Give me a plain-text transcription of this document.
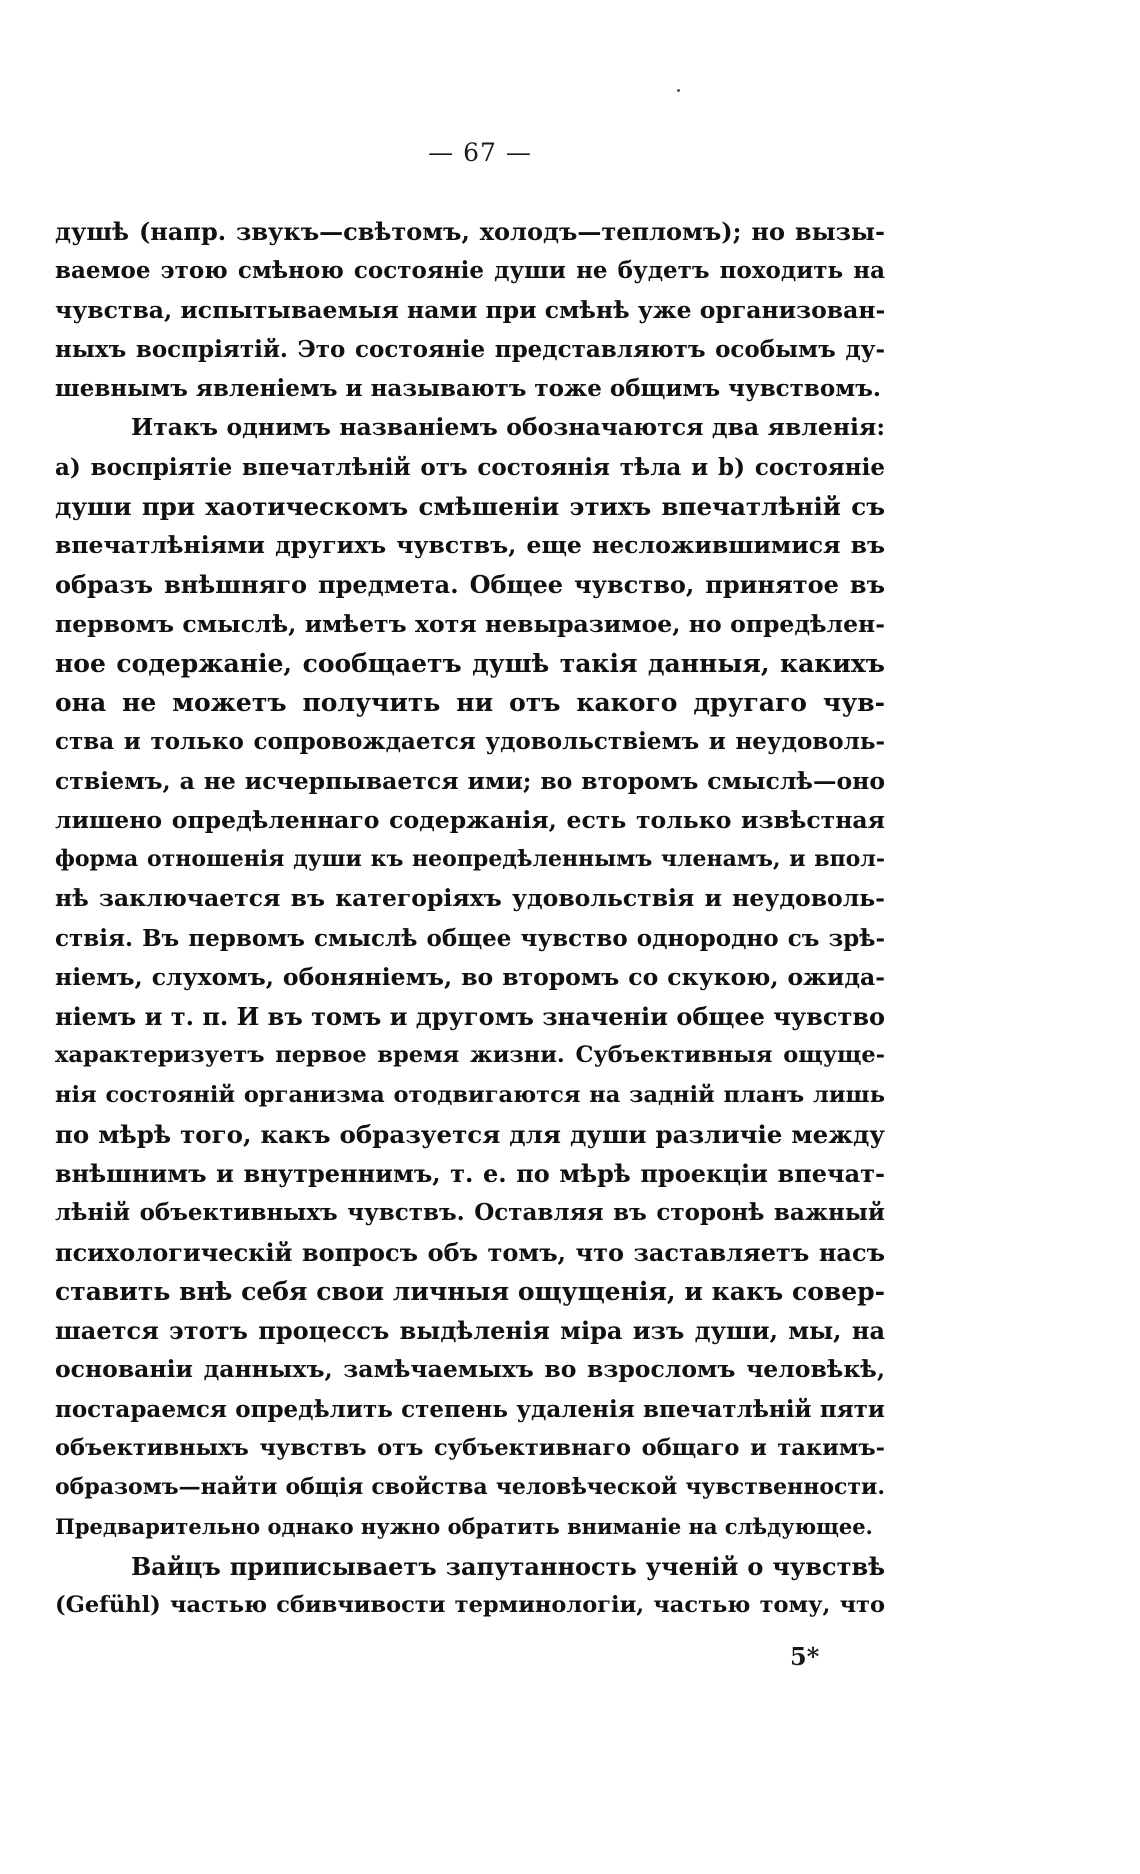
— 67 —
душѣ (напр. звукъ—свѣтомъ, холодъ—тепломъ); но вызы-
ваемое этою смѣною состояніе души не будетъ походить на
чувства, испытываемыя нами при смѣнѣ уже организован-
ныхъ воспріятій. Это состояніе представляютъ особымъ ду-
шевнымъ явленіемъ и называютъ тоже общимъ чувствомъ.
Итакъ однимъ названіемъ обозначаются два явленія:
а) воспріятіе впечатлѣній отъ состоянія тѣла и b) состояніе
души при хаотическомъ смѣшеніи этихъ впечатлѣній съ
впечатлѣніями другихъ чувствъ, еще несложившимися въ
образъ внѣшняго предмета. Общее чувство, принятое въ
первомъ смыслѣ, имѣетъ хотя невыразимое, но опредѣлен-
ное содержаніе, сообщаетъ душѣ такія данныя, какихъ
она не можетъ получить ни отъ какого другаго чув-
ства и только сопровождается удовольствіемъ и неудоволь-
ствіемъ, а не исчерпывается ими; во второмъ смыслѣ—оно
лишено опредѣленнаго содержанія, есть только извѣстная
форма отношенія души къ неопредѣленнымъ членамъ, и впол-
нѣ заключается въ категоріяхъ удовольствія и неудоволь-
ствія. Въ первомъ смыслѣ общее чувство однородно съ зрѣ-
ніемъ, слухомъ, обоняніемъ, во второмъ со скукою, ожида-
ніемъ и т. п. И въ томъ и другомъ значеніи общее чувство
характеризуетъ первое время жизни. Субъективныя ощуще-
нія состояній организма отодвигаются на задній планъ лишь
по мѣрѣ того, какъ образуется для души различіе между
внѣшнимъ и внутреннимъ, т. е. по мѣрѣ проекціи впечат-
лѣній объективныхъ чувствъ. Оставляя въ сторонѣ важный
психологическій вопросъ объ томъ, что заставляетъ насъ
ставить внѣ себя свои личныя ощущенія, и какъ совер-
шается этотъ процессъ выдѣленія міра изъ души, мы, на
основаніи данныхъ, замѣчаемыхъ во взросломъ человѣкѣ,
постараемся опредѣлить степень удаленія впечатлѣній пяти
объективныхъ чувствъ отъ субъективнаго общаго и такимъ-
образомъ—найти общія свойства человѣческой чувственности.
Предварительно однако нужно обратить вниманіе на слѣдующее.
Вайцъ приписываетъ запутанность ученій о чувствѣ
(Gefühl) частью сбивчивости терминологіи, частью тому, что
5*
